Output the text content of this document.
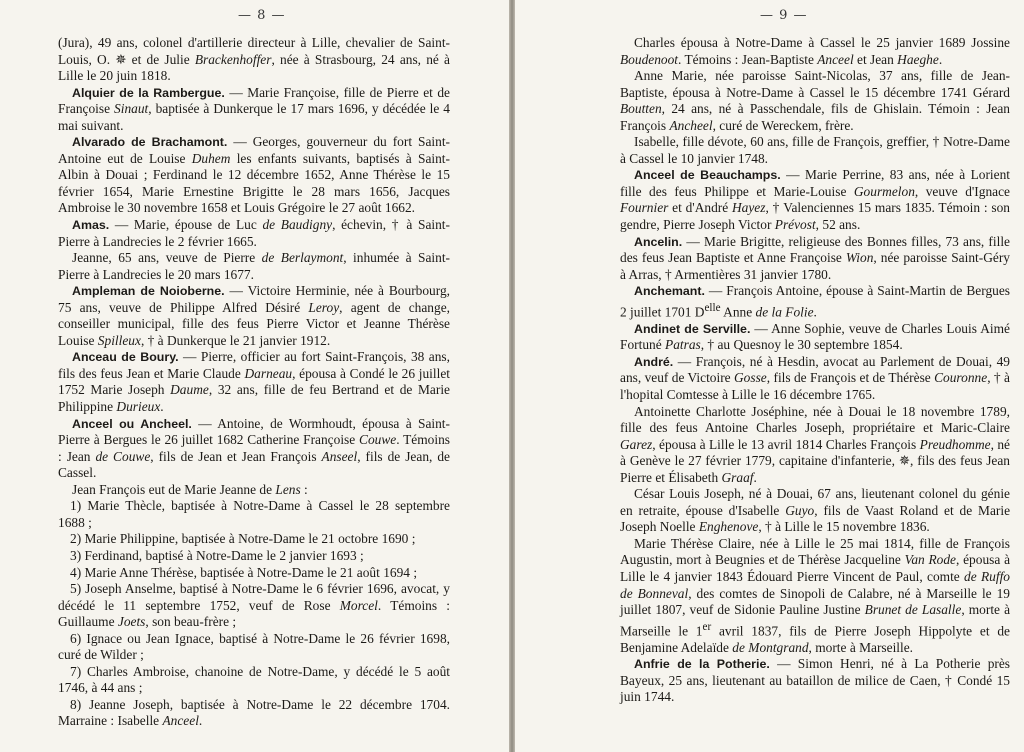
— 8 —

(Jura), 49 ans, colonel d'artillerie directeur à Lille, chevalier de Saint-Louis, O. ✵ et de Julie Brackenhoffer, née à Strasbourg, 24 ans, né à Lille le 20 juin 1818.

Alquier de la Rambergue. — Marie Françoise, fille de Pierre et de Françoise Sinaut, baptisée à Dunkerque le 17 mars 1696, y décédée le 4 mai suivant.

Alvarado de Brachamont. — Georges, gouverneur du fort Saint-Antoine eut de Louise Duhem les enfants suivants, baptisés à Saint-Albin à Douai ; Ferdinand le 12 décembre 1652, Anne Thérèse le 15 février 1654, Marie Ernestine Brigitte le 28 mars 1656, Jacques Ambroise le 30 novembre 1658 et Louis Grégoire le 27 août 1662.

Amas. — Marie, épouse de Luc de Baudigny, échevin, † à Saint-Pierre à Landrecies le 2 février 1665.

Jeanne, 65 ans, veuve de Pierre de Berlaymont, inhumée à Saint-Pierre à Landrecies le 20 mars 1677.

Ampleman de Noioberne. — Victoire Herminie, née à Bourbourg, 75 ans, veuve de Philippe Alfred Désiré Leroy, agent de change, conseiller municipal, fille des feus Pierre Victor et Jeanne Thérèse Louise Spilleux, † à Dunkerque le 21 janvier 1912.

Anceau de Boury. — Pierre, officier au fort Saint-François, 38 ans, fils des feus Jean et Marie Claude Darneau, épousa à Condé le 26 juillet 1752 Marie Joseph Daume, 32 ans, fille de feu Bertrand et de Marie Philippine Durieux.

Anceel ou Ancheel. — Antoine, de Wormhoudt, épousa à Saint-Pierre à Bergues le 26 juillet 1682 Catherine Françoise Couwe. Témoins : Jean de Couwe, fils de Jean et Jean François Anseel, fils de Jean, de Cassel.

Jean François eut de Marie Jeanne de Lens :

1) Marie Thècle, baptisée à Notre-Dame à Cassel le 28 septembre 1688 ;

2) Marie Philippine, baptisée à Notre-Dame le 21 octobre 1690 ;

3) Ferdinand, baptisé à Notre-Dame le 2 janvier 1693 ;

4) Marie Anne Thérèse, baptisée à Notre-Dame le 21 août 1694 ;

5) Joseph Anselme, baptisé à Notre-Dame le 6 février 1696, avocat, y décédé le 11 septembre 1752, veuf de Rose Morcel. Témoins : Guillaume Joets, son beau-frère ;

6) Ignace ou Jean Ignace, baptisé à Notre-Dame le 26 février 1698, curé de Wilder ;

7) Charles Ambroise, chanoine de Notre-Dame, y décédé le 5 août 1746, à 44 ans ;

8) Jeanne Joseph, baptisée à Notre-Dame le 22 décembre 1704. Marraine : Isabelle Anceel.

— 9 —

Charles épousa à Notre-Dame à Cassel le 25 janvier 1689 Jossine Boudenoot. Témoins : Jean-Baptiste Anceel et Jean Haeghe.

Anne Marie, née paroisse Saint-Nicolas, 37 ans, fille de Jean-Baptiste, épousa à Notre-Dame à Cassel le 15 décembre 1741 Gérard Boutten, 24 ans, né à Passchendale, fils de Ghislain. Témoin : Jean François Ancheel, curé de Wereckem, frère.

Isabelle, fille dévote, 60 ans, fille de François, greffier, † Notre-Dame à Cassel le 10 janvier 1748.

Anceel de Beauchamps. — Marie Perrine, 83 ans, née à Lorient fille des feus Philippe et Marie-Louise Gourmelon, veuve d'Ignace Fournier et d'André Hayez, † Valenciennes 15 mars 1835. Témoin : son gendre, Pierre Joseph Victor Prévost, 52 ans.

Ancelin. — Marie Brigitte, religieuse des Bonnes filles, 73 ans, fille des feus Jean Baptiste et Anne Françoise Wion, née paroisse Saint-Géry à Arras, † Armentières 31 janvier 1780.

Anchemant. — François Antoine, épouse à Saint-Martin de Bergues 2 juillet 1701 $D^{elle}$ Anne de la Folie.

Andinet de Serville. — Anne Sophie, veuve de Charles Louis Aimé Fortuné Patras, † au Quesnoy le 30 septembre 1854.

André. — François, né à Hesdin, avocat au Parlement de Douai, 49 ans, veuf de Victoire Gosse, fils de François et de Thérèse Couronne, † à l'hopital Comtesse à Lille le 16 décembre 1765.

Antoinette Charlotte Joséphine, née à Douai le 18 novembre 1789, fille des feus Antoine Charles Joseph, propriétaire et Maric-Claire Garez, épousa à Lille le 13 avril 1814 Charles François Preudhomme, né à Genève le 27 février 1779, capitaine d'infanterie, ✵, fils des feus Jean Pierre et Élisabeth Graaf.

César Louis Joseph, né à Douai, 67 ans, lieutenant colonel du génie en retraite, épouse d'Isabelle Guyo, fils de Vaast Roland et de Marie Joseph Noelle Enghenove, † à Lille le 15 novembre 1836.

Marie Thérèse Claire, née à Lille le 25 mai 1814, fille de François Augustin, mort à Beugnies et de Thérèse Jacqueline Van Rode, épousa à Lille le 4 janvier 1843 Édouard Pierre Vincent de Paul, comte de Ruffo de Bonneval, des comtes de Sinopoli de Calabre, né à Marseille le 19 juillet 1807, veuf de Sidonie Pauline Justine Brunet de Lasalle, morte à Marseille le 1er avril 1837, fils de Pierre Joseph Hippolyte et de Benjamine Adelaïde de Montgrand, morte à Marseille.

Anfrie de la Potherie. — Simon Henri, né à La Potherie près Bayeux, 25 ans, lieutenant au bataillon de milice de Caen, † Condé 15 juin 1744.
